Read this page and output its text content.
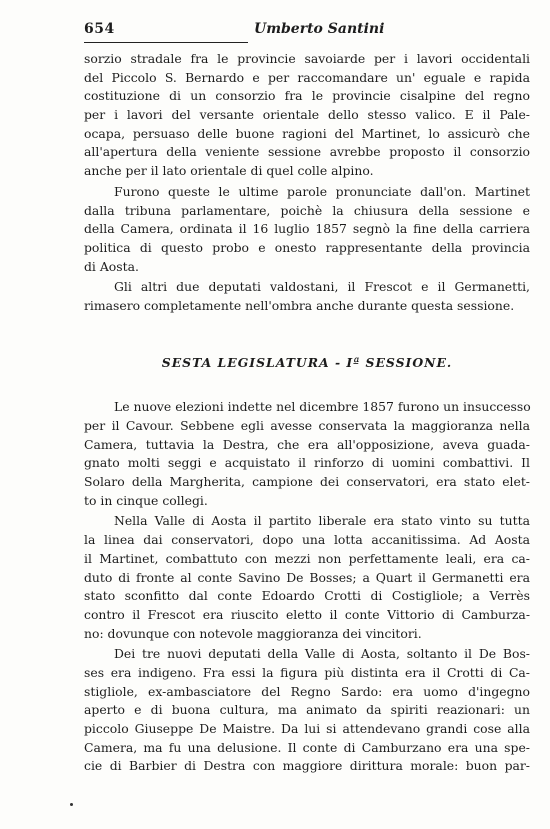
654	Umberto Santini
sorzio stradale fra le provincie savoiarde per i lavori occidentali
del Piccolo S. Bernardo e per raccomandare un' eguale e rapida
costituzione di un consorzio fra le provincie cisalpine del regno
per i lavori del versante orientale dello stesso valico. E il Pale-
ocapa, persuaso delle buone ragioni del Martinet, lo assicurò che
all'apertura della veniente sessione avrebbe proposto il consorzio
anche per il lato orientale di quel colle alpino.
Furono queste le ultime parole pronunciate dall'on. Martinet
dalla tribuna parlamentare, poichè la chiusura della sessione e
della Camera, ordinata il 16 luglio 1857 segnò la fine della carriera
politica di questo probo e onesto rappresentante della provincia
di Aosta.
Gli altri due deputati valdostani, il Frescot e il Germanetti,
rimasero completamente nell'ombra anche durante questa sessione.
SESTA LEGISLATURA - Iª SESSIONE.
Le nuove elezioni indette nel dicembre 1857 furono un insuccesso
per il Cavour. Sebbene egli avesse conservata la maggioranza nella
Camera, tuttavia la Destra, che era all'opposizione, aveva guada-
gnato molti seggi e acquistato il rinforzo di uomini combattivi. Il
Solaro della Margherita, campione dei conservatori, era stato elet-
to in cinque collegi.
Nella Valle di Aosta il partito liberale era stato vinto su tutta
la linea dai conservatori, dopo una lotta accanitissima. Ad Aosta
il Martinet, combattuto con mezzi non perfettamente leali, era ca-
duto di fronte al conte Savino De Bosses; a Quart il Germanetti era
stato sconfitto dal conte Edoardo Crotti di Costigliole; a Verrès
contro il Frescot era riuscito eletto il conte Vittorio di Camburza-
no: dovunque con notevole maggioranza dei vincitori.
Dei tre nuovi deputati della Valle di Aosta, soltanto il De Bos-
ses era indigeno. Fra essi la figura più distinta era il Crotti di Ca-
stigliole, ex-ambasciatore del Regno Sardo: era uomo d'ingegno
aperto e di buona cultura, ma animato da spiriti reazionari: un
piccolo Giuseppe De Maistre. Da lui si attendevano grandi cose alla
Camera, ma fu una delusione. Il conte di Camburzano era una spe-
cie di Barbier di Destra con maggiore dirittura morale: buon par-
